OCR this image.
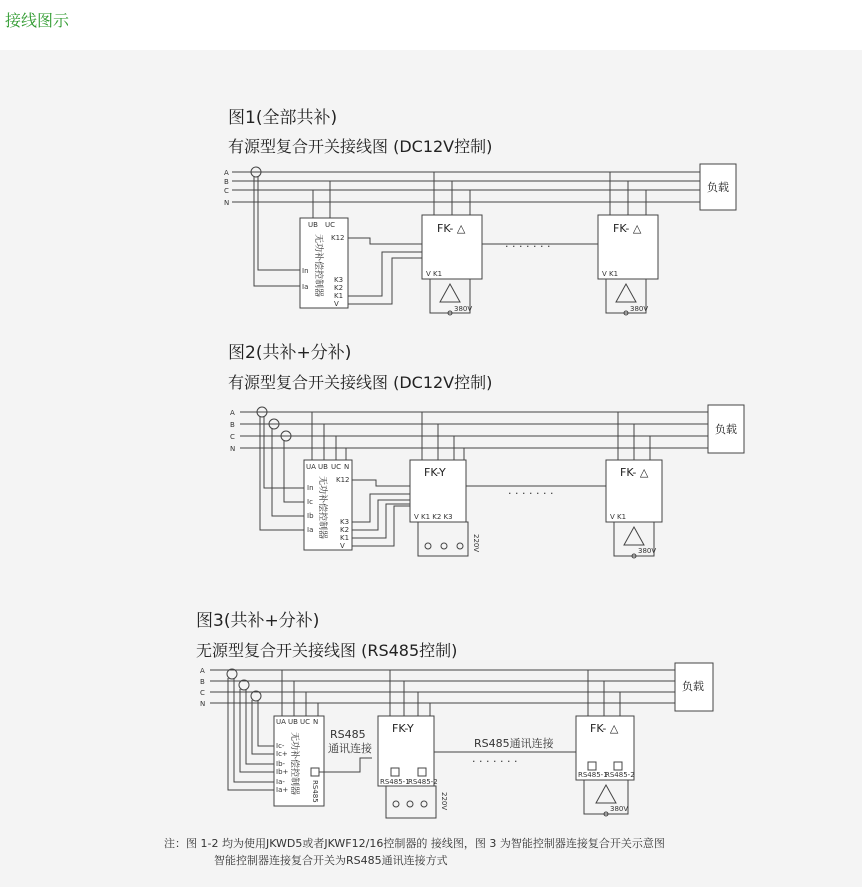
接线图示
图1(全部共补)
有源型复合开关接线图 (DC12V控制)
A
B
C
N
负载
UB UC
In
Ia
K12
K3
K2
K1
V
无功补偿控制器
FK- △
V K1
380V
· · · · · · ·
FK- △
V K1
380V
图2(共补+分补)
有源型复合开关接线图 (DC12V控制)
A
B
C
N
负载
UA UB UC N
In
Ic
Ib
Ia
K12
K3
K2
K1
V
无功补偿控制器
FK-Y
V K1 K2 K3
220V
· · · · · · ·
FK- △
V K1
380V
图3(共补+分补)
无源型复合开关接线图 (RS485控制)
A
B
C
N
负载
UA UB UC N
Ic-
Ic+
Ib-
Ib+
Ia-
Ia+ 无功补偿控制器 RS485
RS485
通讯连接	RS485通讯连接
· · · · · · ·
FK-Y
RS485-1
RS485-2
220V
FK- △
RS485-1
RS485-2
380V
注：图 1-2 均为使用JKWD5或者JKWF12/16控制器的 接线图，图 3 为智能控制器连接复合开关示意图
智能控制器连接复合开关为RS485通讯连接方式
